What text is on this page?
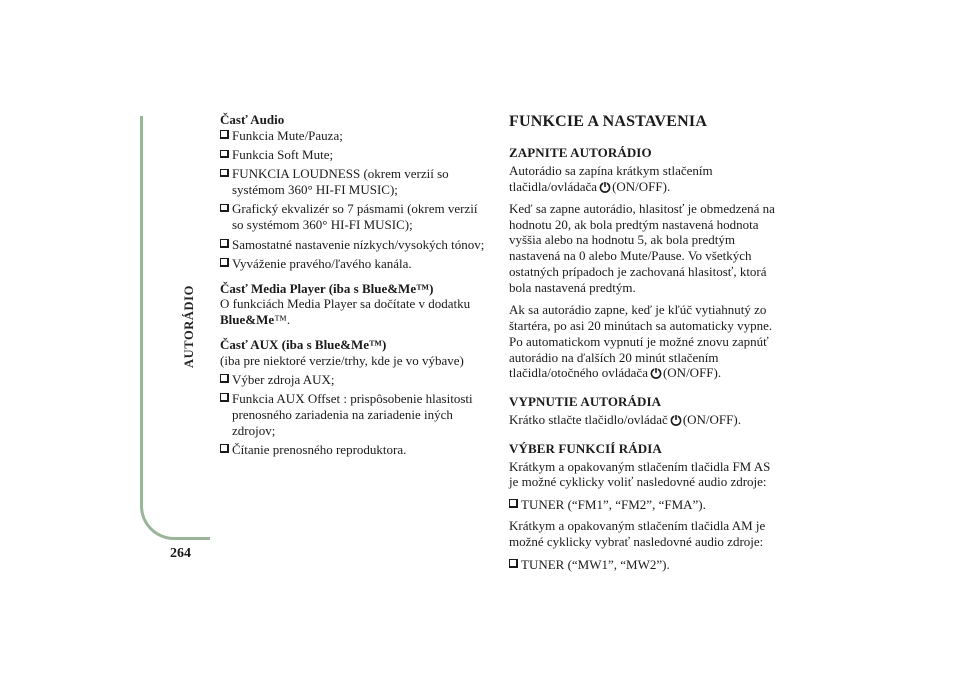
AUTORÁDIO
264

Časť Audio

Funkcia Mute/Pauza;
Funkcia Soft Mute;
FUNKCIA LOUDNESS (okrem verzií so systémom 360° HI-FI MUSIC);
Grafický ekvalizér so 7 pásmami (okrem verzií so systémom 360° HI-FI MUSIC);
Samostatné nastavenie nízkych/vysokých tónov;
Vyváženie pravého/ľavého kanála.

Časť Media Player (iba s Blue&Me™)

O funkciách Media Player sa dočítate v dodatku Blue&Me™.

Časť AUX (iba s Blue&Me™)

(iba pre niektoré verzie/trhy, kde je vo výbave)

Výber zdroja AUX;
Funkcia AUX Offset : prispôsobenie hlasitosti prenosného zariadenia na zariadenie iných zdrojov;
Čítanie prenosného reproduktora.
FUNKCIE A NASTAVENIA
ZAPNITE AUTORÁDIO

Autorádio sa zapína krátkym stlačením tlačidla/ovládača (ON/OFF).

Keď sa zapne autorádio, hlasitosť je obmedzená na hodnotu 20, ak bola predtým nastavená hodnota vyššia alebo na hodnotu 5, ak bola predtým nastavená na 0 alebo Mute/Pause. Vo všetkých ostatných prípadoch je zachovaná hlasitosť, ktorá bola nastavená predtým.

Ak sa autorádio zapne, keď je kľúč vytiahnutý zo štartéra, po asi 20 minútach sa automaticky vypne. Po automatickom vypnutí je možné znovu zapnúť autorádio na ďalších 20 minút stlačením tlačidla/otočného ovládača (ON/OFF).

VYPNUTIE AUTORÁDIA

Krátko stlačte tlačidlo/ovládač (ON/OFF).

VÝBER FUNKCIÍ RÁDIA

Krátkym a opakovaným stlačením tlačidla FM AS je možné cyklicky voliť nasledovné audio zdroje:

TUNER (“FM1”, “FM2”, “FMA”).

Krátkym a opakovaným stlačením tlačidla AM je možné cyklicky vybrať nasledovné audio zdroje:

TUNER (“MW1”, “MW2”).
